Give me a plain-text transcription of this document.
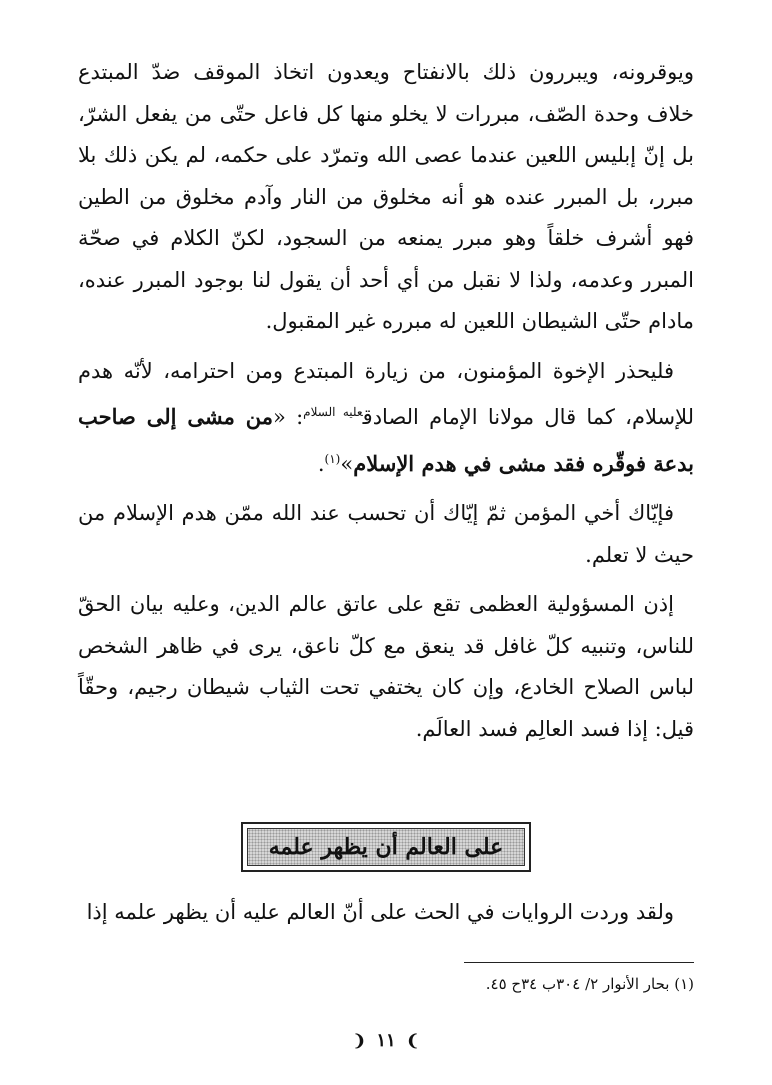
ويوقرونه، ويبررون ذلك بالانفتاح ويعدون اتخاذ الموقف ضدّ المبتدع خلاف وحدة الصّف، مبررات لا يخلو منها كل فاعل حتّى من يفعل الشرّ، بل إنّ إبليس اللعين عندما عصى الله وتمرّد على حكمه، لم يكن ذلك بلا مبرر، بل المبرر عنده هو أنه مخلوق من النار وآدم مخلوق من الطين فهو أشرف خلقاً وهو مبرر يمنعه من السجود، لكنّ الكلام في صحّة المبرر وعدمه، ولذا لا نقبل من أي أحد أن يقول لنا بوجود المبرر عنده، مادام حتّى الشيطان اللعين له مبرره غير المقبول.

فليحذر الإخوة المؤمنون، من زيارة المبتدع ومن احترامه، لأنّه هدم للإسلام، كما قال مولانا الإمام الصادق$^{عليه السلام}$: «من مشى إلى صاحب بدعة فوقّره فقد مشى في هدم الإسلام»$^{(١)}$.

فإيّاك أخي المؤمن ثمّ إيّاك أن تحسب عند الله ممّن هدم الإسلام من حيث لا تعلم.

إذن المسؤولية العظمى تقع على عاتق عالم الدين، وعليه بيان الحقّ للناس، وتنبيه كلّ غافل قد ينعق مع كلّ ناعق، يرى في ظاهر الشخص لباس الصلاح الخادع، وإن كان يختفي تحت الثياب شيطان رجيم، وحقّاً قيل: إذا فسد العالِم فسد العالَم.

على العالم أن يظهر علمه

ولقد وردت الروايات في الحث على أنّ العالم عليه أن يظهر علمه إذا

(١) بحار الأنوار ٢/ ٣٠٤ب ٣٤ح ٤٥.
❩ ١١ ❨
